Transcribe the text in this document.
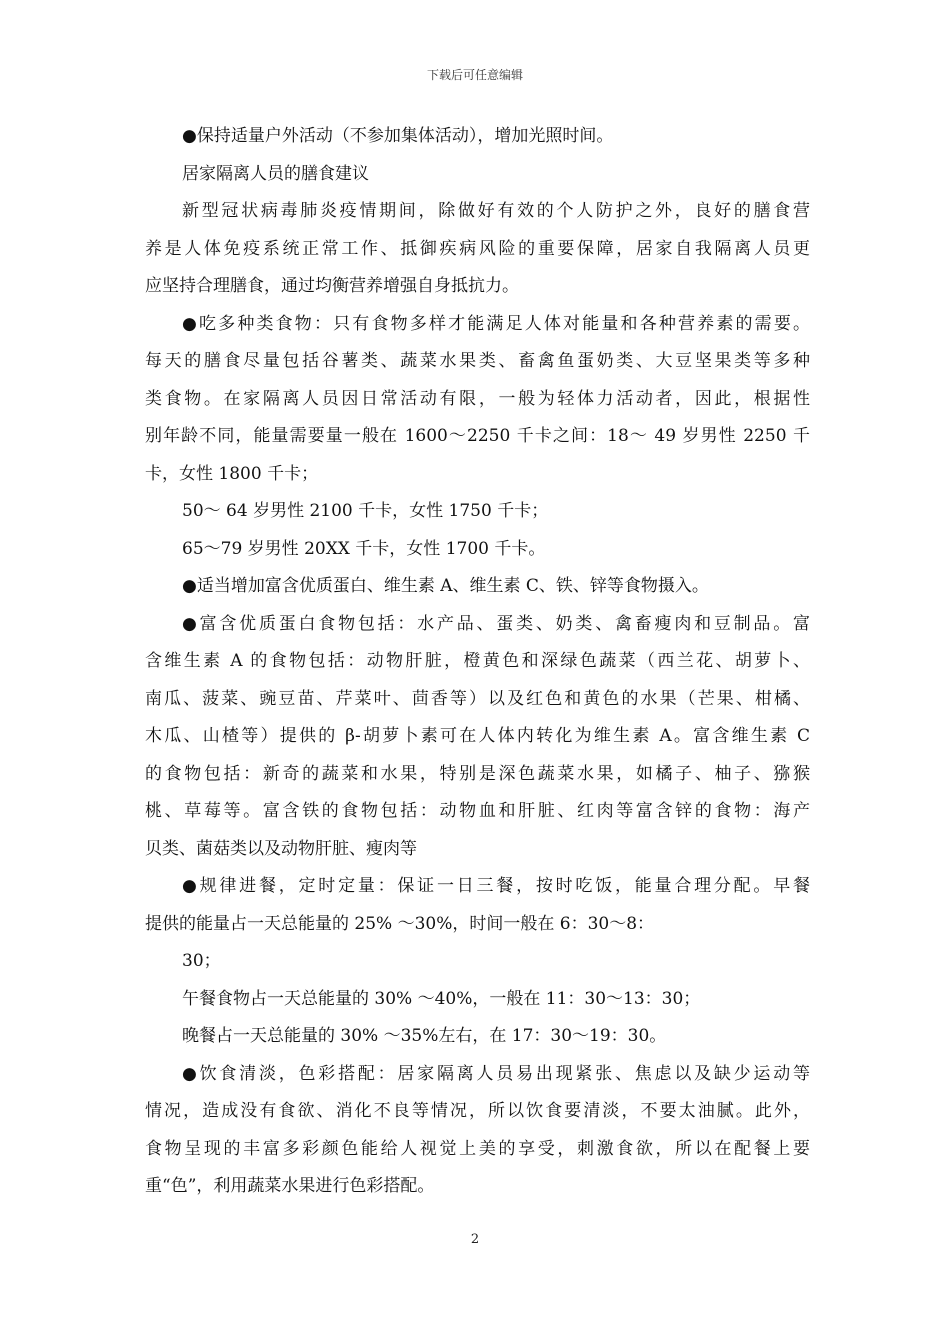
下载后可任意编辑
●保持适量户外活动（不参加集体活动），增加光照时间。
居家隔离人员的膳食建议
新型冠状病毒肺炎疫情期间，除做好有效的个人防护之外，良好的膳食营
养是人体免疫系统正常工作、抵御疾病风险的重要保障，居家自我隔离人员更
应坚持合理膳食，通过均衡营养增强自身抵抗力。
●吃多种类食物：只有食物多样才能满足人体对能量和各种营养素的需要。
每天的膳食尽量包括谷薯类、蔬菜水果类、畜禽鱼蛋奶类、大豆坚果类等多种
类食物。在家隔离人员因日常活动有限，一般为轻体力活动者，因此，根据性
别年龄不同，能量需要量一般在 1600～2250 千卡之间：18～ 49 岁男性 2250 千
卡，女性 1800 千卡；
50～ 64 岁男性 2100 千卡，女性 1750 千卡；
65～79 岁男性 20XX 千卡，女性 1700 千卡。
●适当增加富含优质蛋白、维生素 A、维生素 C、铁、锌等食物摄入。
●富含优质蛋白食物包括：水产品、蛋类、奶类、禽畜瘦肉和豆制品。富
含维生素 A 的食物包括：动物肝脏，橙黄色和深绿色蔬菜（西兰花、胡萝卜、
南瓜、菠菜、豌豆苗、芹菜叶、茴香等）以及红色和黄色的水果（芒果、柑橘、
木瓜、山楂等）提供的 β-胡萝卜素可在人体内转化为维生素 A。富含维生素 C
的食物包括：新奇的蔬菜和水果，特别是深色蔬菜水果，如橘子、柚子、猕猴
桃、草莓等。富含铁的食物包括：动物血和肝脏、红肉等富含锌的食物：海产
贝类、菌菇类以及动物肝脏、瘦肉等
●规律进餐，定时定量：保证一日三餐，按时吃饭，能量合理分配。早餐
提供的能量占一天总能量的 25% ～30%，时间一般在 6：30～8：
30；
午餐食物占一天总能量的 30% ～40%，一般在 11：30～13：30；
晚餐占一天总能量的 30% ～35%左右，在 17：30～19：30。
●饮食清淡，色彩搭配：居家隔离人员易出现紧张、焦虑以及缺少运动等
情况，造成没有食欲、消化不良等情况，所以饮食要清淡，不要太油腻。此外，
食物呈现的丰富多彩颜色能给人视觉上美的享受，刺激食欲，所以在配餐上要
重“色”，利用蔬菜水果进行色彩搭配。
2
